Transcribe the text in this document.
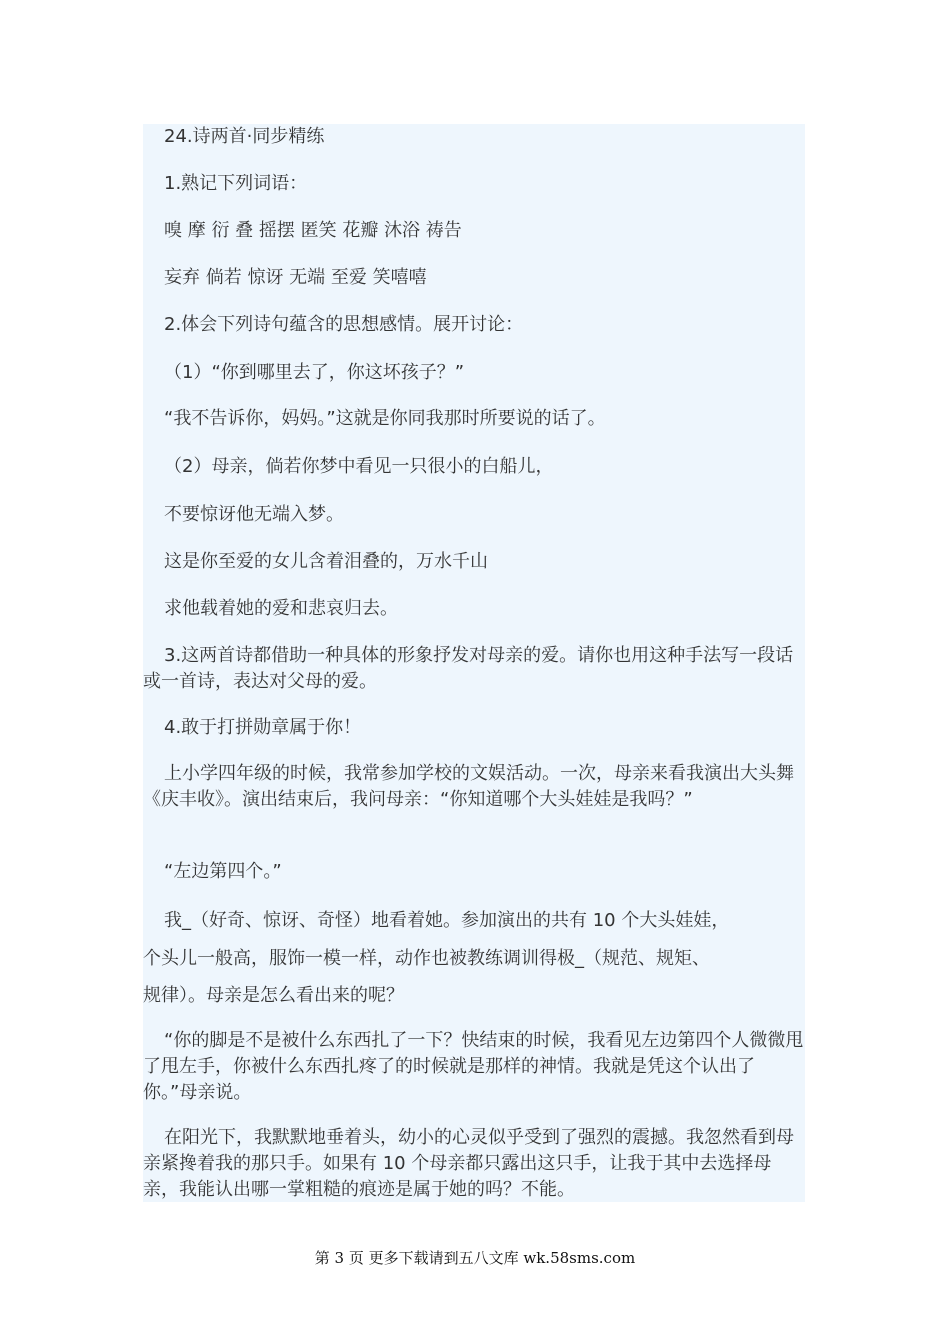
24.诗两首·同步精练

1.熟记下列词语：

嗅 摩 衍 叠 摇摆 匿笑 花瓣 沐浴 祷告

妄弃 倘若 惊讶 无端 至爱 笑嘻嘻

2.体会下列诗句蕴含的思想感情。展开讨论：

（1）“你到哪里去了，你这坏孩子？”

“我不告诉你，妈妈。”这就是你同我那时所要说的话了。

（2）母亲，倘若你梦中看见一只很小的白船儿，

不要惊讶他无端入梦。

这是你至爱的女儿含着泪叠的，万水千山

求他载着她的爱和悲哀归去。

3.这两首诗都借助一种具体的形象抒发对母亲的爱。请你也用这种手法写一段话或一首诗，表达对父母的爱。

4.敢于打拼勋章属于你！

上小学四年级的时候，我常参加学校的文娱活动。一次，母亲来看我演出大头舞《庆丰收》。演出结束后，我问母亲：“你知道哪个大头娃娃是我吗？”

“左边第四个。”

我_（好奇、惊讶、奇怪）地看着她。参加演出的共有 10 个大头娃娃，

个头儿一般高，服饰一模一样，动作也被教练调训得极_（规范、规矩、

规律）。母亲是怎么看出来的呢？

“你的脚是不是被什么东西扎了一下？快结束的时候，我看见左边第四个人微微甩了甩左手，你被什么东西扎疼了的时候就是那样的神情。我就是凭这个认出了你。”母亲说。

在阳光下，我默默地垂着头，幼小的心灵似乎受到了强烈的震撼。我忽然看到母亲紧搀着我的那只手。如果有 10 个母亲都只露出这只手，让我于其中去选择母亲，我能认出哪一掌粗糙的痕迹是属于她的吗？不能。

第 3 页 更多下载请到五八文库 wk.58sms.com
